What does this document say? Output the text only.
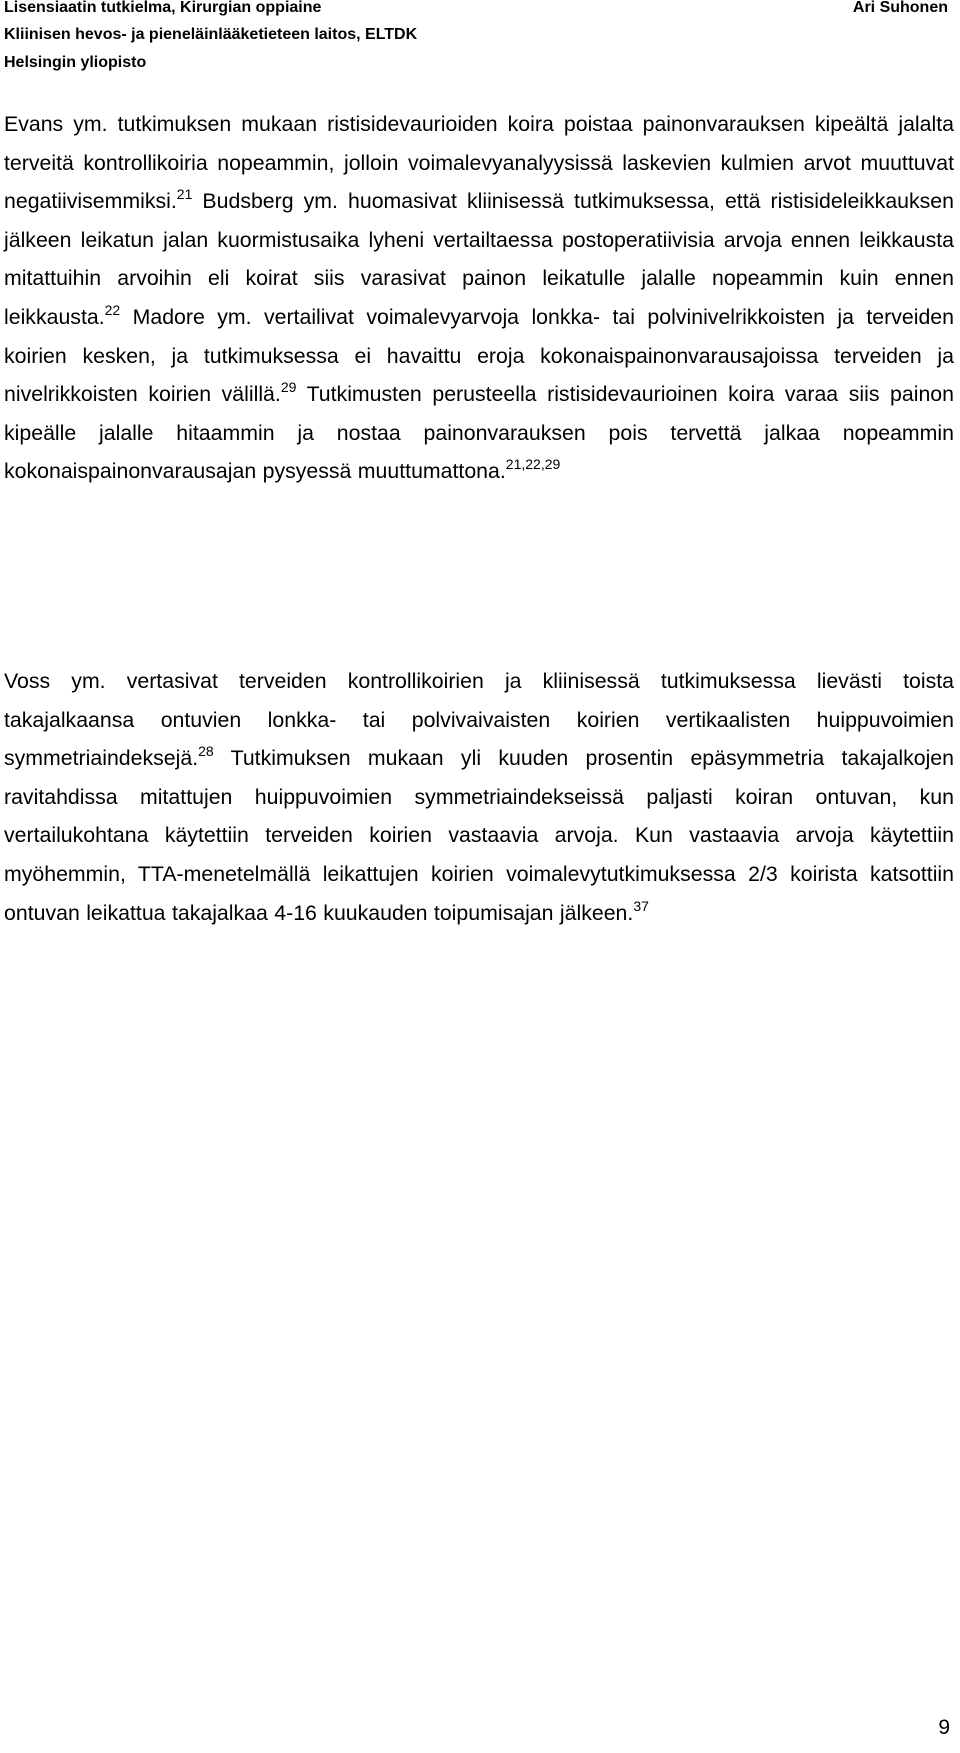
Lisensiaatin tutkielma, Kirurgian oppiaine
Kliinisen hevos- ja pieneläinlääketieteen laitos, ELTDK
Helsingin yliopisto
Ari Suhonen
Evans ym. tutkimuksen mukaan ristisidevaurioiden koira poistaa painonvarauksen kipeältä jalalta terveitä kontrollikoiria nopeammin, jolloin voimalevyanalyysissä laskevien kulmien arvot muuttuvat negatiivisemmiksi.$^{21}$ Budsberg ym. huomasivat kliinisessä tutkimuksessa, että ristisideleikkauksen jälkeen leikatun jalan kuormistusaika lyheni vertailtaessa postoperatiivisia arvoja ennen leikkausta mitattuihin arvoihin eli koirat siis varasivat painon leikatulle jalalle nopeammin kuin ennen leikkausta.$^{22}$ Madore ym. vertailivat voimalevyarvoja lonkka- tai polvinivelrikkoisten ja terveiden koirien kesken, ja tutkimuksessa ei havaittu eroja kokonaispainonvarausajoissa terveiden ja nivelrikkoisten koirien välillä.$^{29}$ Tutkimusten perusteella ristisidevaurioinen koira varaa siis painon kipeälle jalalle hitaammin ja nostaa painonvarauksen pois tervettä jalkaa nopeammin kokonaispainonvarausajan pysyessä muuttumattona.$^{21,22,29}$
Voss ym. vertasivat terveiden kontrollikoirien ja kliinisessä tutkimuksessa lievästi toista takajalkaansa ontuvien lonkka- tai polvivaivaisten koirien vertikaalisten huippuvoimien symmetriaindeksejä.$^{28}$ Tutkimuksen mukaan yli kuuden prosentin epäsymmetria takajalkojen ravitahdissa mitattujen huippuvoimien symmetriaindekseissä paljasti koiran ontuvan, kun vertailukohtana käytettiin terveiden koirien vastaavia arvoja. Kun vastaavia arvoja käytettiin myöhemmin, TTA-menetelmällä leikattujen koirien voimalevytutkimuksessa 2/3 koirista katsottiin ontuvan leikattua takajalkaa 4-16 kuukauden toipumisajan jälkeen.$^{37}$
9
